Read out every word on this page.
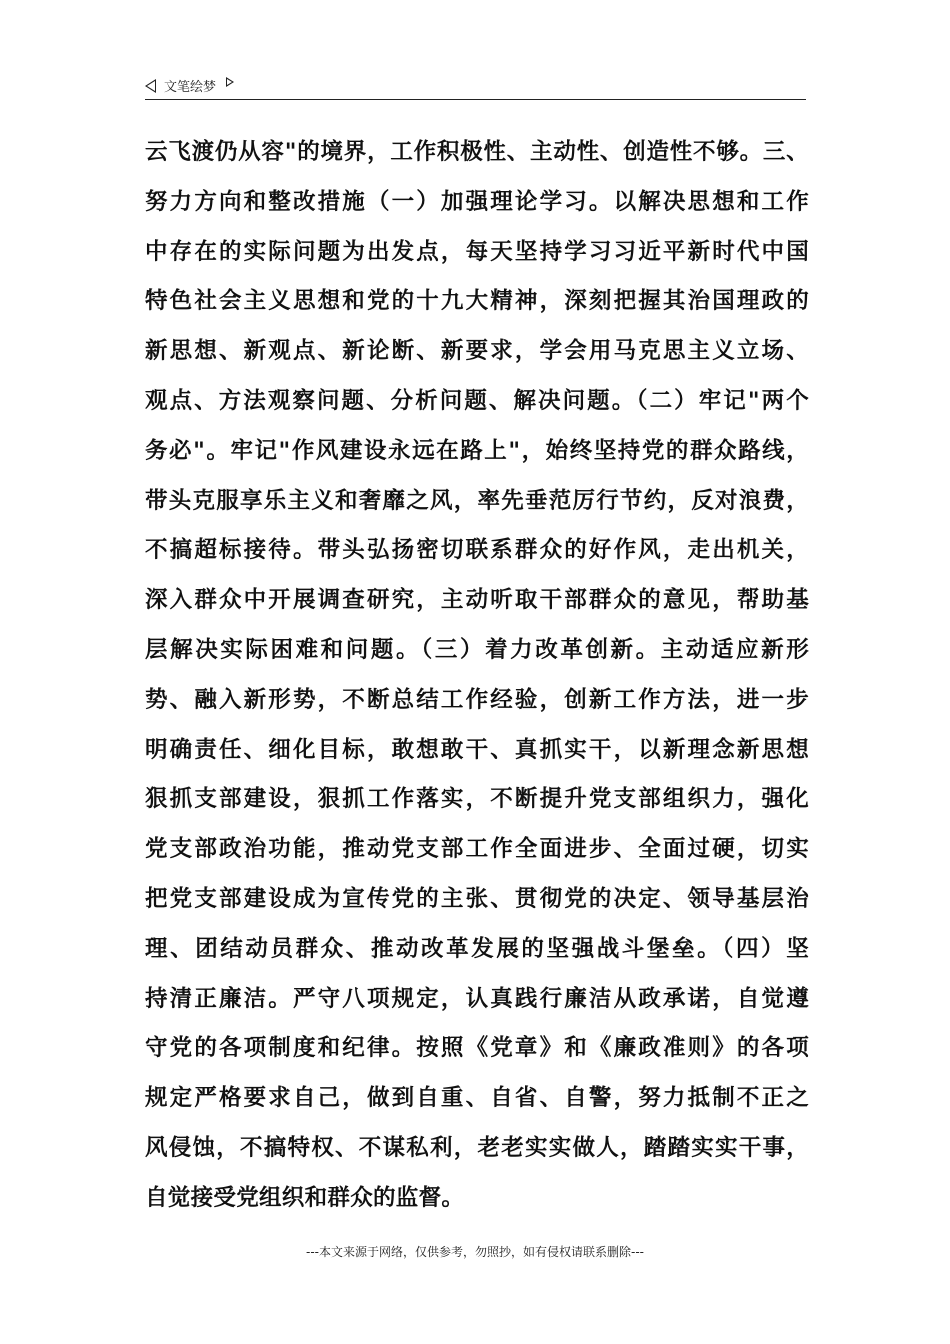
文笔绘梦
云飞渡仍从容"的境界，工作积极性、主动性、创造性不够。三、
努力方向和整改措施（一）加强理论学习。以解决思想和工作
中存在的实际问题为出发点，每天坚持学习习近平新时代中国
特色社会主义思想和党的十九大精神，深刻把握其治国理政的
新思想、新观点、新论断、新要求，学会用马克思主义立场、
观点、方法观察问题、分析问题、解决问题。（二）牢记"两个
务必"。牢记"作风建设永远在路上"，始终坚持党的群众路线，
带头克服享乐主义和奢靡之风，率先垂范厉行节约，反对浪费，
不搞超标接待。带头弘扬密切联系群众的好作风，走出机关，
深入群众中开展调查研究，主动听取干部群众的意见，帮助基
层解决实际困难和问题。（三）着力改革创新。主动适应新形
势、融入新形势，不断总结工作经验，创新工作方法，进一步
明确责任、细化目标，敢想敢干、真抓实干，以新理念新思想
狠抓支部建设，狠抓工作落实，不断提升党支部组织力，强化
党支部政治功能，推动党支部工作全面进步、全面过硬，切实
把党支部建设成为宣传党的主张、贯彻党的决定、领导基层治
理、团结动员群众、推动改革发展的坚强战斗堡垒。（四）坚
持清正廉洁。严守八项规定，认真践行廉洁从政承诺，自觉遵
守党的各项制度和纪律。按照《党章》和《廉政准则》的各项
规定严格要求自己，做到自重、自省、自警，努力抵制不正之
风侵蚀，不搞特权、不谋私利，老老实实做人，踏踏实实干事，
自觉接受党组织和群众的监督。
---本文来源于网络，仅供参考，勿照抄，如有侵权请联系删除---
